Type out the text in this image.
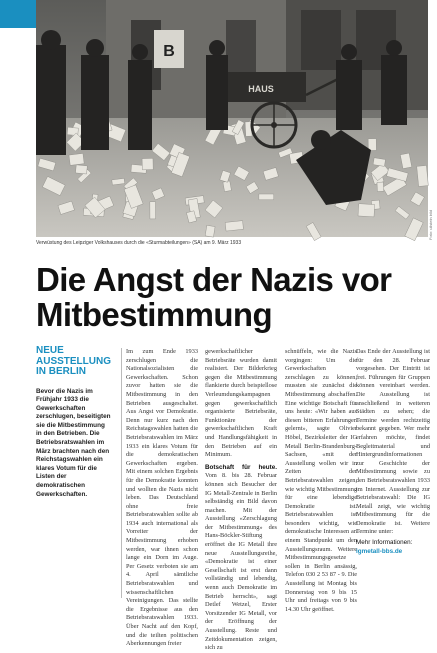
B
HAUS
Foto: ullstein bild
Verwüstung des Leipziger Volkshauses durch die «Sturmabteilungen» (SA) am 9. März 1933
Die Angst der Nazis vor
Mitbestimmung

NEUE AUSSTELLUNG IN BERLIN

Bevor die Nazis im Frühjahr 1933 die Gewerkschaften zerschlugen, beseitigten sie die Mitbestimmung in den Betrieben. Die Betriebsratswahlen im März brachten nach den Reichstagswahlen ein klares Votum für die Listen der demokratischen Gewerkschaften.

Im zum Ende 1933 zerschlugen die Nationalsozialisten die Gewerkschaften. Schon zuvor hatten sie die Mitbestimmung in den Betrieben ausgeschaltet. Aus Angst vor Demokratie. Denn nur kurz nach den Reichstagswahlen hatten die Betriebsratswahlen im März 1933 ein klares Votum für die demokratischen Gewerkschaften ergeben. Mit einem solchen Ergebnis für die Demokratie konnten und wollten die Nazis nicht leben. Das Deutschland ohne freie Betriebsratswahlen sollte ab 1934 auch international als Vorreiter der Mitbestimmung erhoben werden, war ihnen schon lange ein Dorn im Auge. Per Gesetz verboten sie am 4. April sämtliche Betriebsratswahlen und wissenschaftlichen Vereinigungen. Das stellte die Ergebnisse aus den Betriebsratswahlen 1933. Über Nacht auf den Kopf, und die teilten politischen Aberkennungen freier

gewerkschaftlicher Betriebsräte wurden damit realisiert. Der Bilderkrieg gegen die Mitbestimmung flankierte durch beispiellose Verleumdungskampagnen gegen gewerkschaftlich organisierte Betriebsräte, Funktionäre der gewerkschaftlichen Kraft und Handlungsfähigkeit in den Betrieben auf ein Minimum.

Botschaft für heute. Vom 8. bis 28. Februar können sich Besucher der IG Metall-Zentrale in Berlin selbständig ein Bild davon machen. Mit der Ausstellung «Zerschlagung der Mitbestimmung» des Hans-Böckler-Stiftung eröffnet die IG Metall ihre neue Ausstellungsreihe, «Demokratie ist einer Gesellschaft ist erst dann vollständig und lebendig, wenn auch Demokratie im Betrieb herrscht», sagt Detlef Wetzel, Erster Vorsitzender IG Metall, vor der Eröffnung der Ausstellung. Reste und Zeitdokumentation zeigen, sich zu

schnüffeln, wie die Nazis vorgingen: Um die Gewerkschaften zerschlagen zu können, mussten sie zunächst die Mitbestimmung abschaffen. Eine wichtige Botschaft für uns heute: «Wir haben aus diesen bitteren Erfahrungen gelernt», sagte Olivier Höbel, Bezirksleiter der IG Metall Berlin-Brandenburg-Sachsen, «mit der Ausstellung wollen wir in Zeiten der Betriebsratswahlen zeigen, wie wichtig Mitbestimmung für eine lebendige Demokratie ist. Betriebsratswahlen ist besonders wichtig, wie demokratische Interessen an einem Standpunkt um den Ausstellungsraum. Weitere Mitbestimmungsgesetze sollen in Berlin ansässig, Telefon 030 2 53 87 - 9. Die Ausstellung ist Montag bis Donnerstag von 9 bis 15 Uhr und freitags von 9 bis 14.30 Uhr geöffnet.

Das Ende der Ausstellung ist für den 28. Februar vorgesehen. Der Eintritt ist frei. Führungen für Gruppen können vereinbart werden. Die Ausstellung ist anschließend in weiteren Städten zu sehen; die Termine werden rechtzeitig bekannt gegeben. Wer mehr erfahren möchte, findet Begleitmaterial und Hintergrundinformationen zur Geschichte der Mitbestimmung sowie zu den Betriebsratswahlen 1933 im Internet. Ausstellung zur Betriebsratswahl: Die IG Metall zeigt, wie wichtig Mitbestimmung für die Demokratie ist. Weitere Termine unter:

Mehr Informationen:

igmetall-bbs.de
